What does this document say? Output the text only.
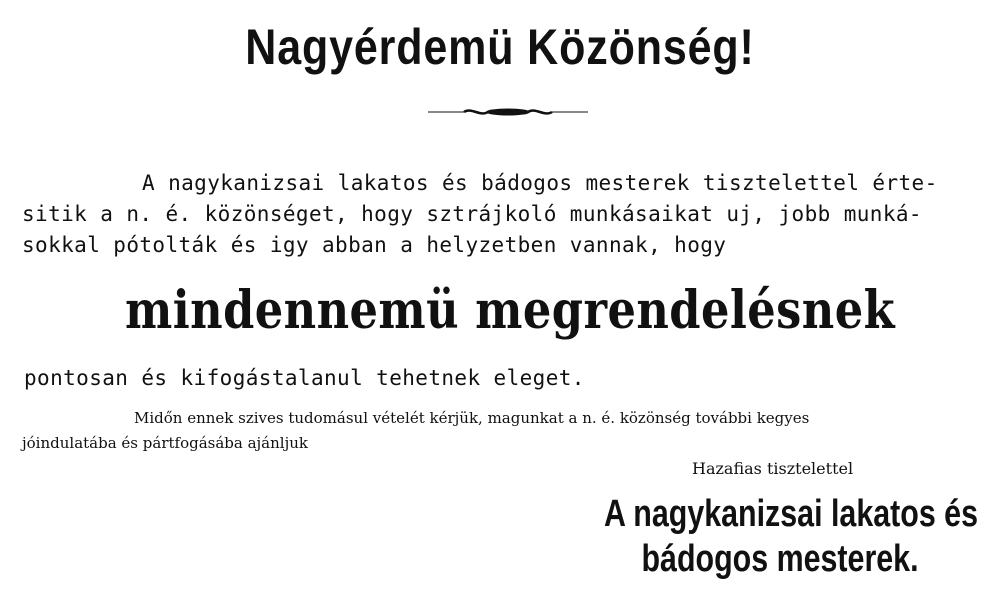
Nagyérdemü Közönség!
A nagykanizsai lakatos és bádogos mesterek tisztelettel érte-
sitik a n. é. közönséget, hogy sztrájkoló munkásaikat uj, jobb munká-
sokkal pótolták és igy abban a helyzetben vannak, hogy
mindennemü megrendelésnek
pontosan és kifogástalanul tehetnek eleget.
Midőn ennek szives tudomásul vételét kérjük, magunkat a n. é. közönség további kegyes
jóindulatába és pártfogásába ajánljuk
Hazafias tisztelettel
A nagykanizsai lakatos és
bádogos mesterek.
